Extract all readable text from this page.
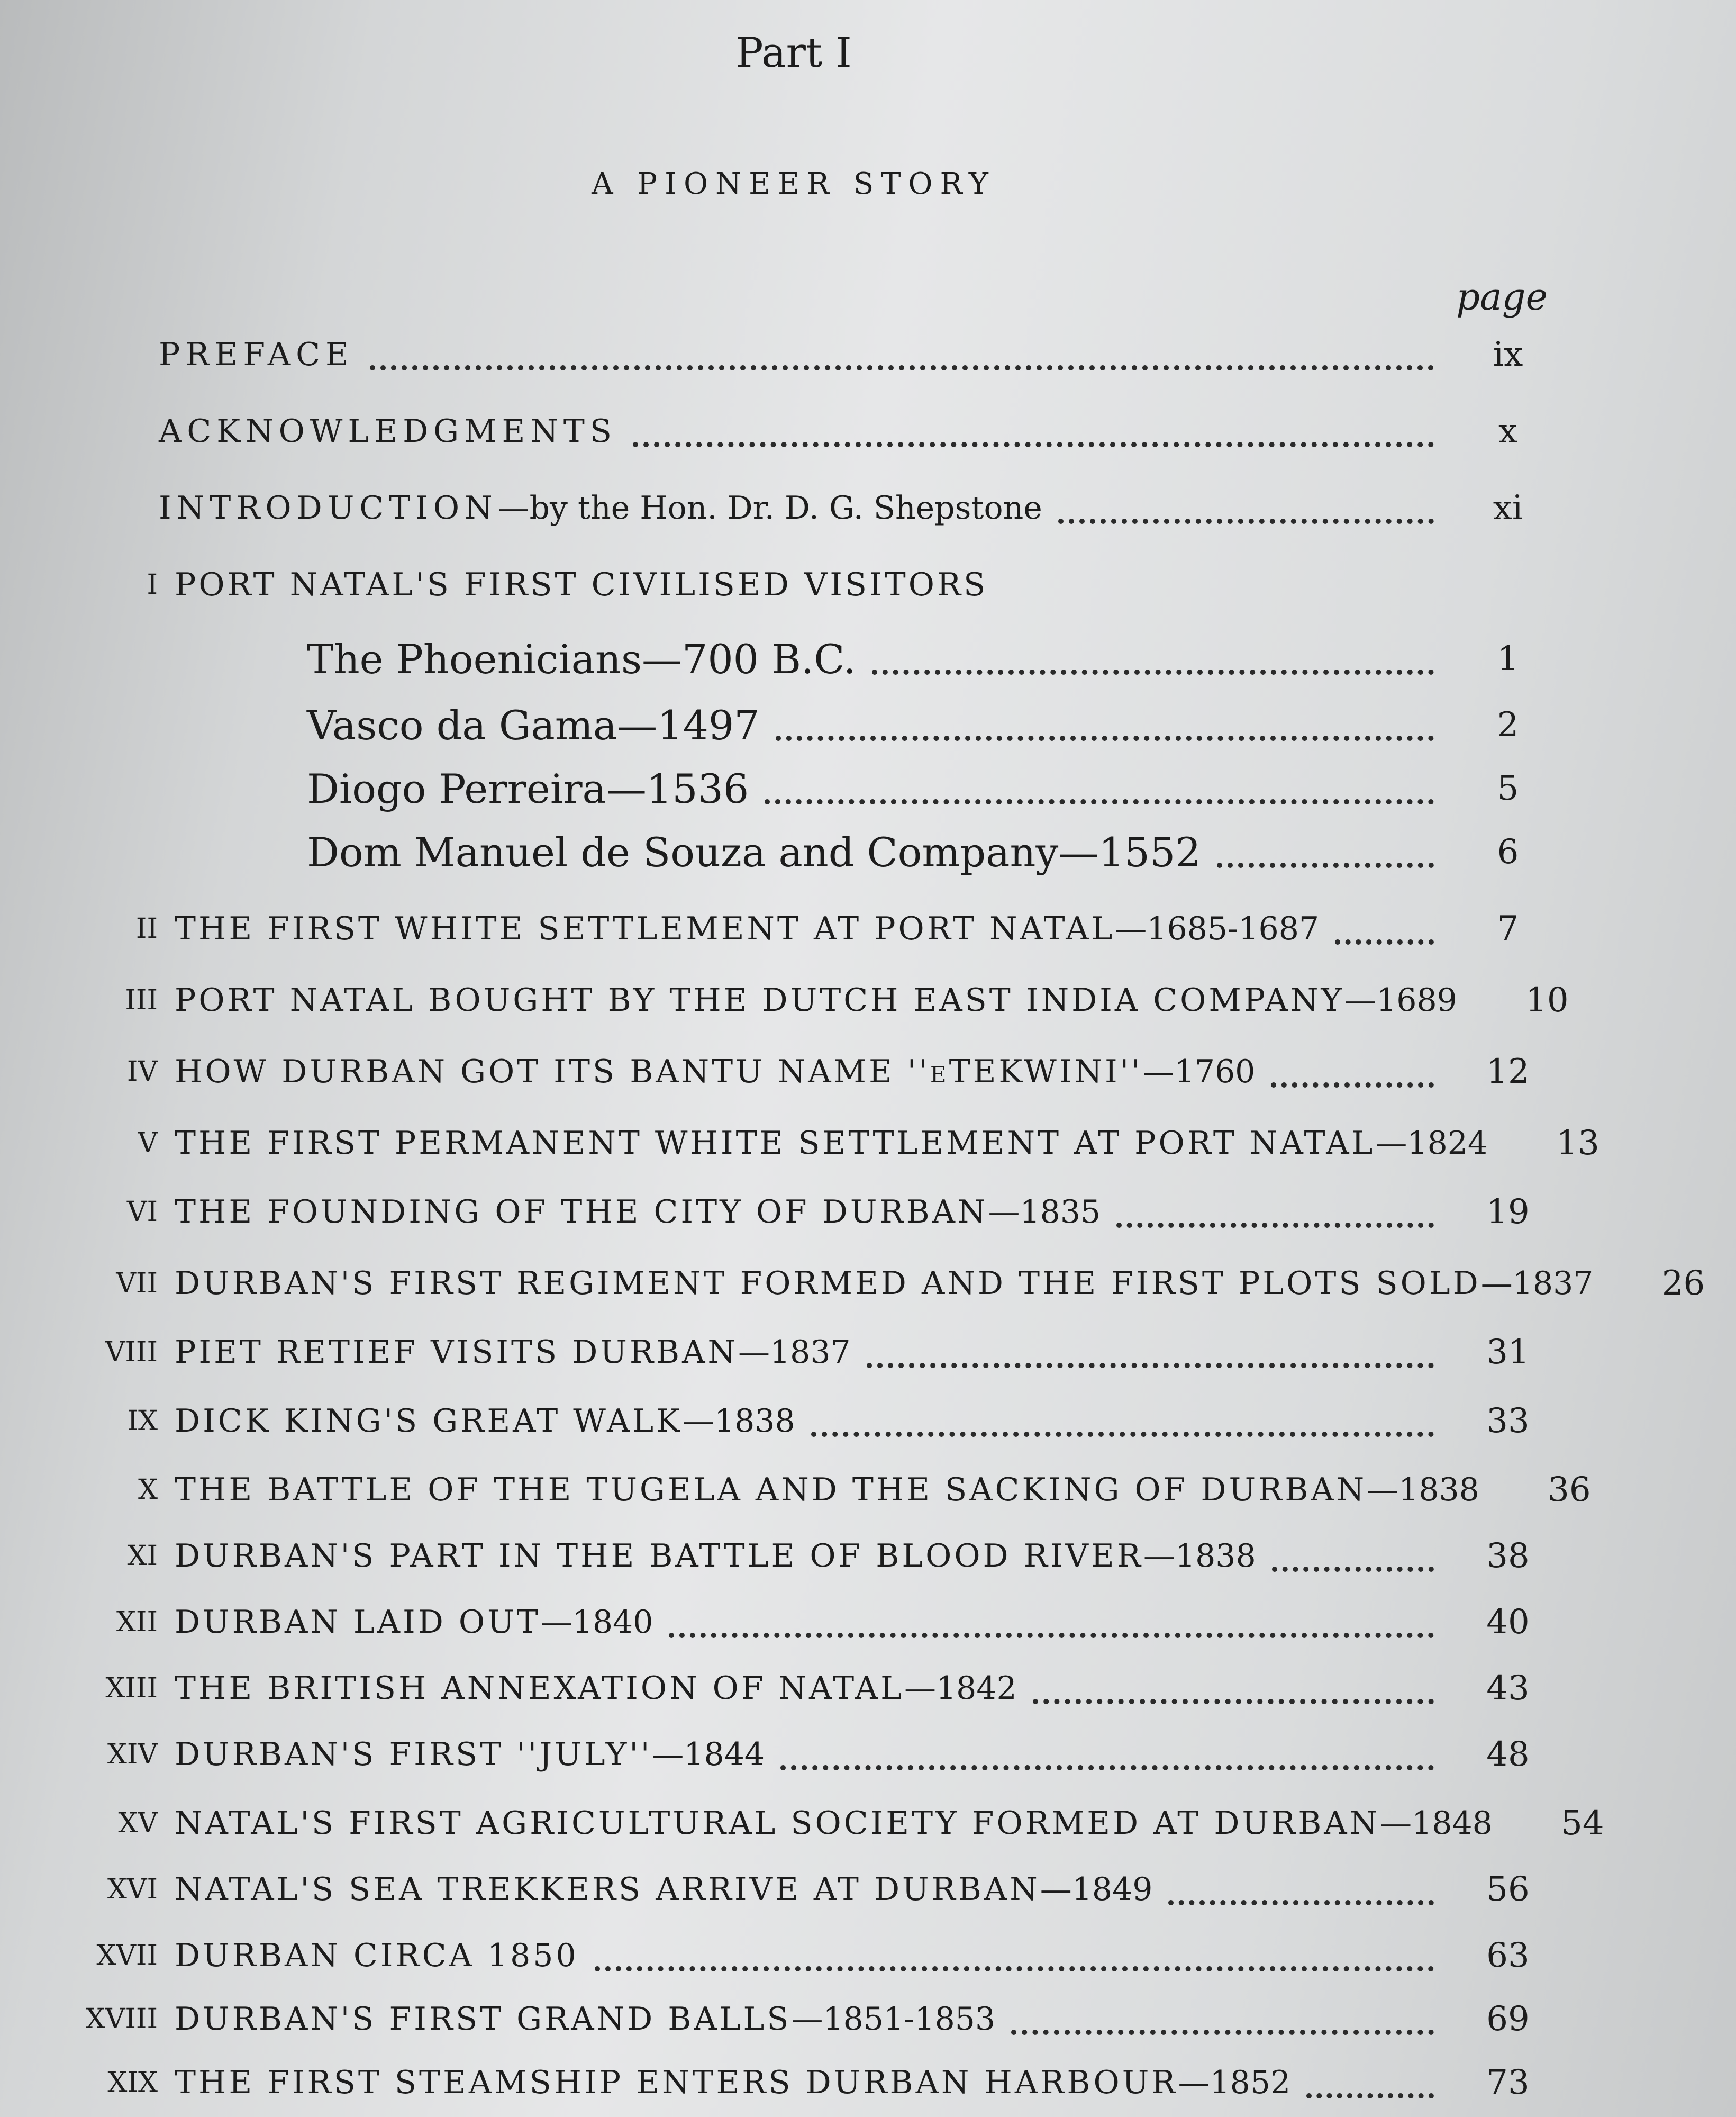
Part I
A PIONEER STORY
page
PREFACE	ix
ACKNOWLEDGMENTS	x
INTRODUCTION—by the Hon. Dr. D. G. Shepstone	xi
I PORT NATAL'S FIRST CIVILISED VISITORS
The Phoenicians—700 B.C.	1
Vasco da Gama—1497	2
Diogo Perreira—1536	5
Dom Manuel de Souza and Company—1552	6
II THE FIRST WHITE SETTLEMENT AT PORT NATAL—1685-1687	7
III PORT NATAL BOUGHT BY THE DUTCH EAST INDIA COMPANY—1689	10
IV HOW DURBAN GOT ITS BANTU NAME ''eTEKWINI''—1760	12
V THE FIRST PERMANENT WHITE SETTLEMENT AT PORT NATAL—1824	13
VI THE FOUNDING OF THE CITY OF DURBAN—1835	19
VII DURBAN'S FIRST REGIMENT FORMED AND THE FIRST PLOTS SOLD—1837	26
VIII PIET RETIEF VISITS DURBAN—1837	31
IX DICK KING'S GREAT WALK—1838	33
X THE BATTLE OF THE TUGELA AND THE SACKING OF DURBAN—1838	36
XI DURBAN'S PART IN THE BATTLE OF BLOOD RIVER—1838	38
XII DURBAN LAID OUT—1840	40
XIII THE BRITISH ANNEXATION OF NATAL—1842	43
XIV DURBAN'S FIRST ''JULY''—1844	48
XV NATAL'S FIRST AGRICULTURAL SOCIETY FORMED AT DURBAN—1848	54
XVI NATAL'S SEA TREKKERS ARRIVE AT DURBAN—1849	56
XVII DURBAN CIRCA 1850	63
XVIII DURBAN'S FIRST GRAND BALLS—1851-1853	69
XIX THE FIRST STEAMSHIP ENTERS DURBAN HARBOUR—1852	73
